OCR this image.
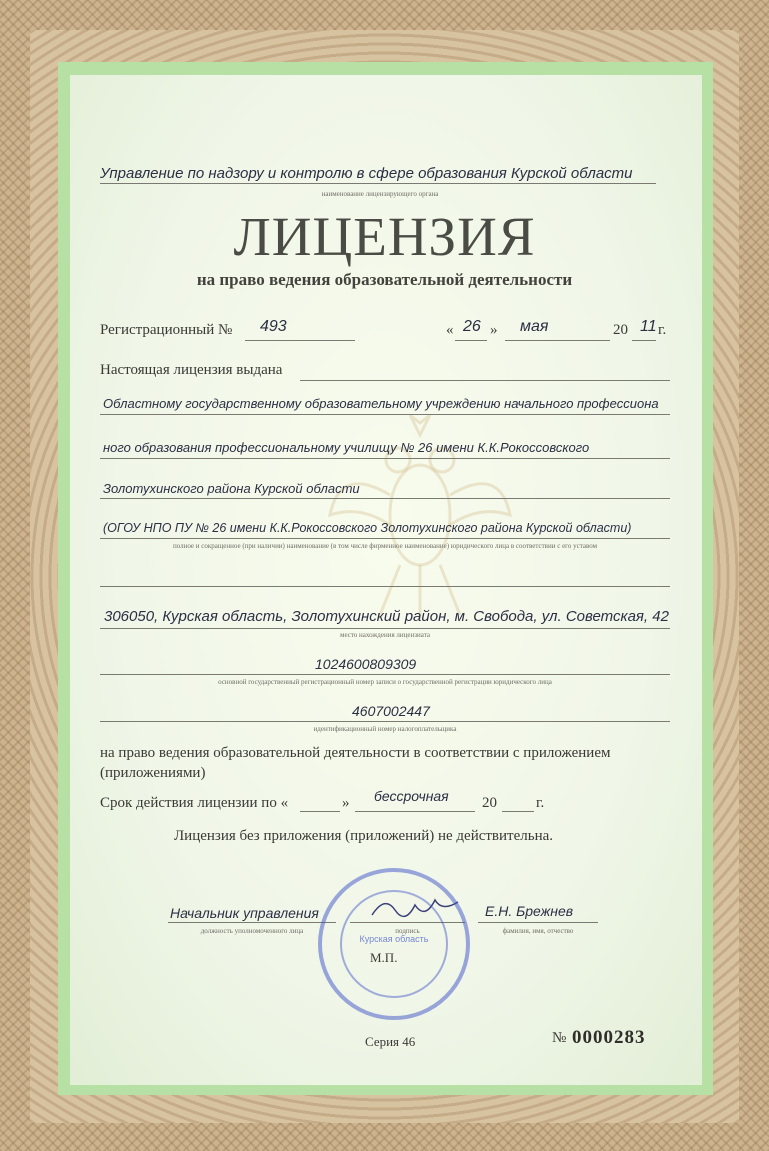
Управление по надзору и контролю в сфере образования Курской области
наименование лицензирующего органа
ЛИЦЕНЗИЯ
на право ведения образовательной деятельности
Регистрационный № 493	« 26 » мая	20 11 г.
Настоящая лицензия выдана
Областному государственному образовательному учреждению начального профессиона
ного образования профессиональному училищу № 26 имени К.К.Рокоссовского
Золотухинского района Курской области
(ОГОУ НПО ПУ № 26 имени К.К.Рокоссовского Золотухинского района Курской области)
полное и сокращенное (при наличии) наименование (в том числе фирменное наименование) юридического лица в соответствии с его уставом
306050, Курская область, Золотухинский район, м. Свобода, ул. Советская, 42
место нахождения лицензиата
1024600809309
основной государственный регистрационный номер записи о государственной регистрации юридического лица
4607002447
идентификационный номер налогоплательщика
на право ведения образовательной деятельности в соответствии с приложением
(приложениями)
Срок действия лицензии по «	» бессрочная 20	г.
Лицензия без приложения (приложений) не действительна.
Начальник управления
должность уполномоченного лица	подпись
Е.Н. Брежнев
фамилия, имя, отчество
М.П.
Курская область
Серия 46	№ 0000283
